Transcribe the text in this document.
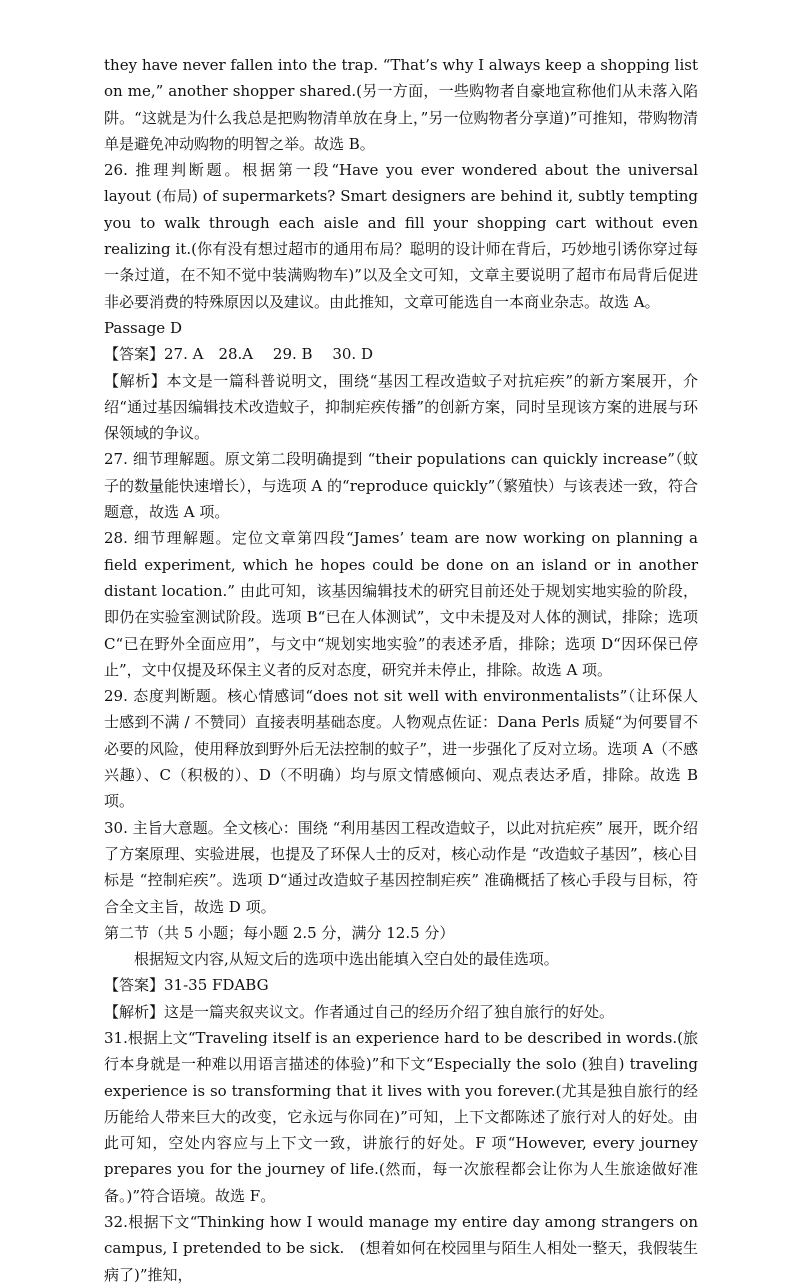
they have never fallen into the trap. “That’s why I always keep a shopping list on me,” another shopper shared.(另一方面，一些购物者自豪地宣称他们从未落入陷阱。“这就是为什么我总是把购物清单放在身上，”另一位购物者分享道)”可推知，带购物清单是避免冲动购物的明智之举。故选 B。

26. 推理判断题。根据第一段“Have you ever wondered about the universal layout (布局) of supermarkets? Smart designers are behind it, subtly tempting you to walk through each aisle and fill your shopping cart without even realizing it.(你有没有想过超市的通用布局？聪明的设计师在背后，巧妙地引诱你穿过每一条过道，在不知不觉中装满购物车)”以及全文可知，文章主要说明了超市布局背后促进非必要消费的特殊原因以及建议。由此推知，文章可能选自一本商业杂志。故选 A。

Passage D

【答案】27. A　28.A　 29. B　 30. D

【解析】本文是一篇科普说明文，围绕“基因工程改造蚊子对抗疟疾”的新方案展开，介绍“通过基因编辑技术改造蚊子，抑制疟疾传播”的创新方案，同时呈现该方案的进展与环保领域的争议。

27. 细节理解题。原文第二段明确提到 “their populations can quickly increase”（蚊子的数量能快速增长），与选项 A 的“reproduce quickly”（繁殖快）与该表述一致，符合题意，故选 A 项。

28. 细节理解题。定位文章第四段“James’ team are now working on planning a field experiment, which he hopes could be done on an island or in another distant location.” 由此可知，该基因编辑技术的研究目前还处于规划实地实验的阶段，即仍在实验室测试阶段。选项 B“已在人体测试”，文中未提及对人体的测试，排除；选项 C“已在野外全面应用”，与文中“规划实地实验”的表述矛盾，排除；选项 D“因环保已停止”，文中仅提及环保主义者的反对态度，研究并未停止，排除。故选 A 项。

29. 态度判断题。核心情感词“does not sit well with environmentalists”（让环保人士感到不满 / 不赞同）直接表明基础态度。人物观点佐证：Dana Perls 质疑“为何要冒不必要的风险，使用释放到野外后无法控制的蚊子”，进一步强化了反对立场。选项 A（不感兴趣）、C（积极的）、D（不明确）均与原文情感倾向、观点表达矛盾，排除。故选 B 项。

30. 主旨大意题。全文核心：围绕 “利用基因工程改造蚊子，以此对抗疟疾” 展开，既介绍了方案原理、实验进展，也提及了环保人士的反对，核心动作是 “改造蚊子基因”，核心目标是 “控制疟疾”。选项 D“通过改造蚊子基因控制疟疾” 准确概括了核心手段与目标，符合全文主旨，故选 D 项。

第二节（共 5 小题；每小题 2.5 分，满分 12.5 分）

根据短文内容,从短文后的选项中选出能填入空白处的最佳选项。

【答案】31-35 FDABG

【解析】这是一篇夹叙夹议文。作者通过自己的经历介绍了独自旅行的好处。

31.根据上文“Traveling itself is an experience hard to be described in words.(旅行本身就是一种难以用语言描述的体验)”和下文“Especially the solo (独自) traveling experience is so transforming that it lives with you forever.(尤其是独自旅行的经历能给人带来巨大的改变，它永远与你同在)”可知，上下文都陈述了旅行对人的好处。由此可知，空处内容应与上下文一致，讲旅行的好处。F 项“However, every journey prepares you for the journey of life.(然而，每一次旅程都会让你为人生旅途做好准备。)”符合语境。故选 F。

32.根据下文“Thinking how I would manage my entire day among strangers on campus, I pretended to be sick.　(想着如何在校园里与陌生人相处一整天，我假装生病了)”推知，
